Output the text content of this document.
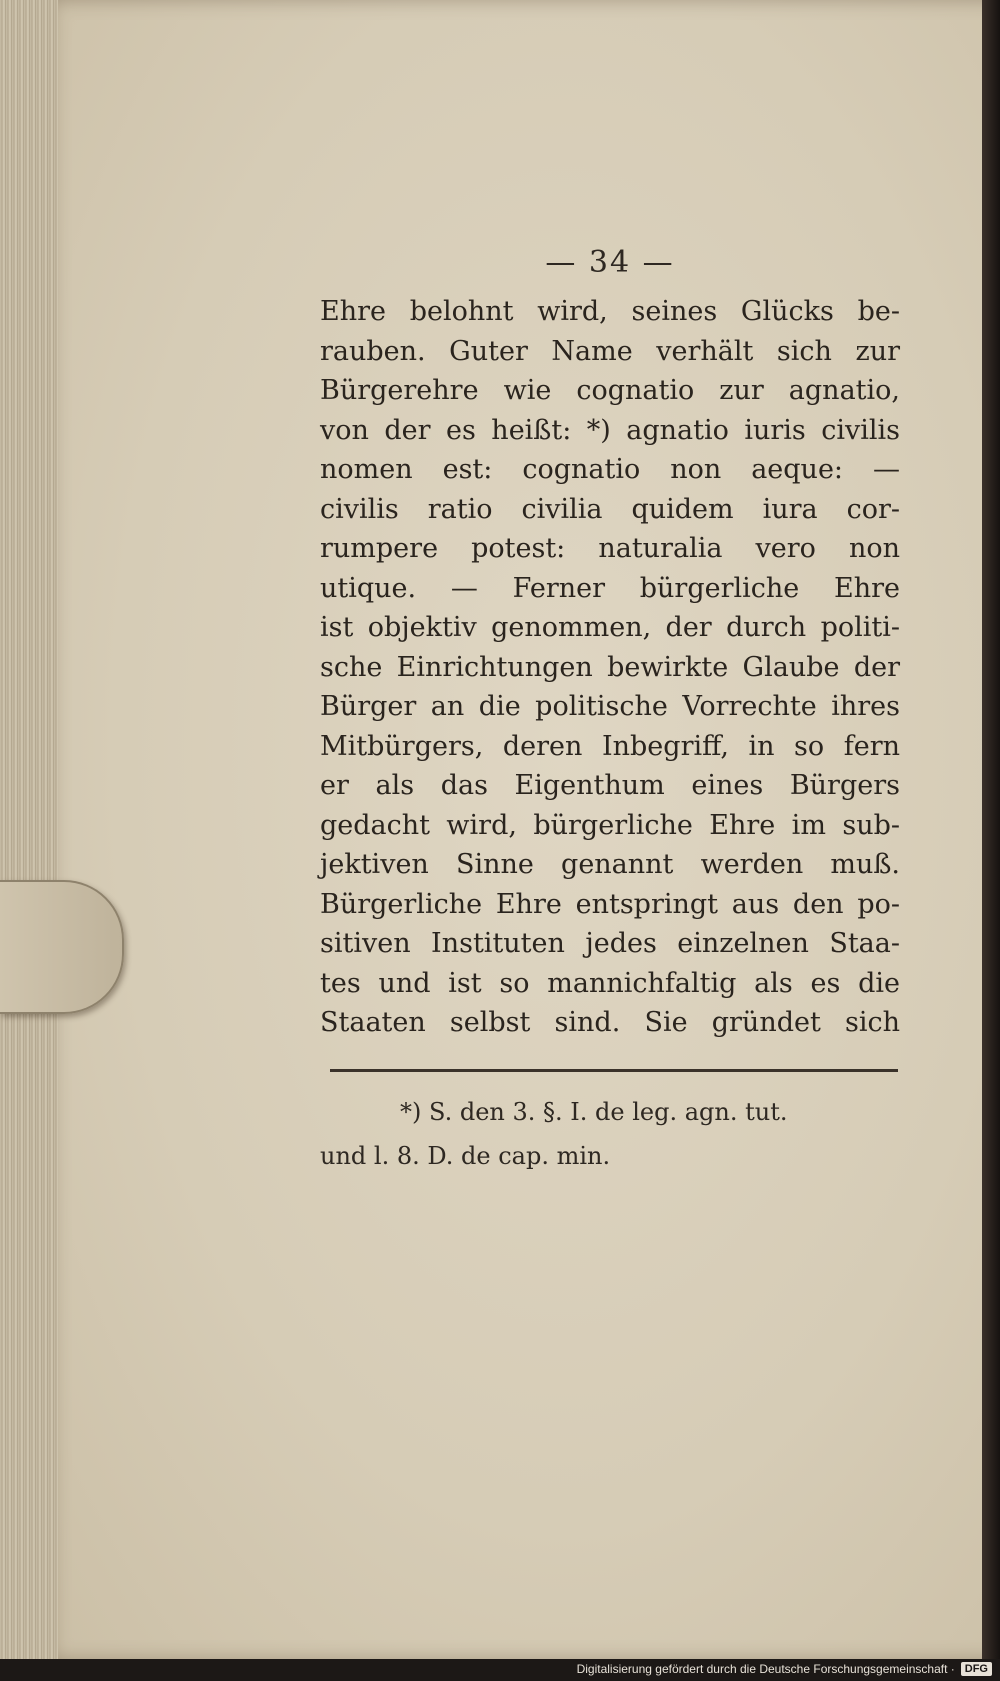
— 34 —

Ehre belohnt wird, seines Glücks be-

rauben. Guter Name verhält sich zur

Bürgerehre wie cognatio zur agnatio,

von der es heißt: *) agnatio iuris civilis

nomen est: cognatio non aeque: —

civilis ratio civilia quidem iura cor-

rumpere potest: naturalia vero non

utique. — Ferner bürgerliche Ehre

ist objektiv genommen, der durch politi-

sche Einrichtungen bewirkte Glaube der

Bürger an die politische Vorrechte ihres

Mitbürgers, deren Inbegriff, in so fern

er als das Eigenthum eines Bürgers

gedacht wird, bürgerliche Ehre im sub-

jektiven Sinne genannt werden muß.

Bürgerliche Ehre entspringt aus den po-

sitiven Instituten jedes einzelnen Staa-

tes und ist so mannichfaltig als es die

Staaten selbst sind. Sie gründet sich

*) S. den 3. §. I. de leg. agn. tut.
und l. 8. D. de cap. min.
Digitalisierung gefördert durch die Deutsche Forschungsgemeinschaft · DFG
